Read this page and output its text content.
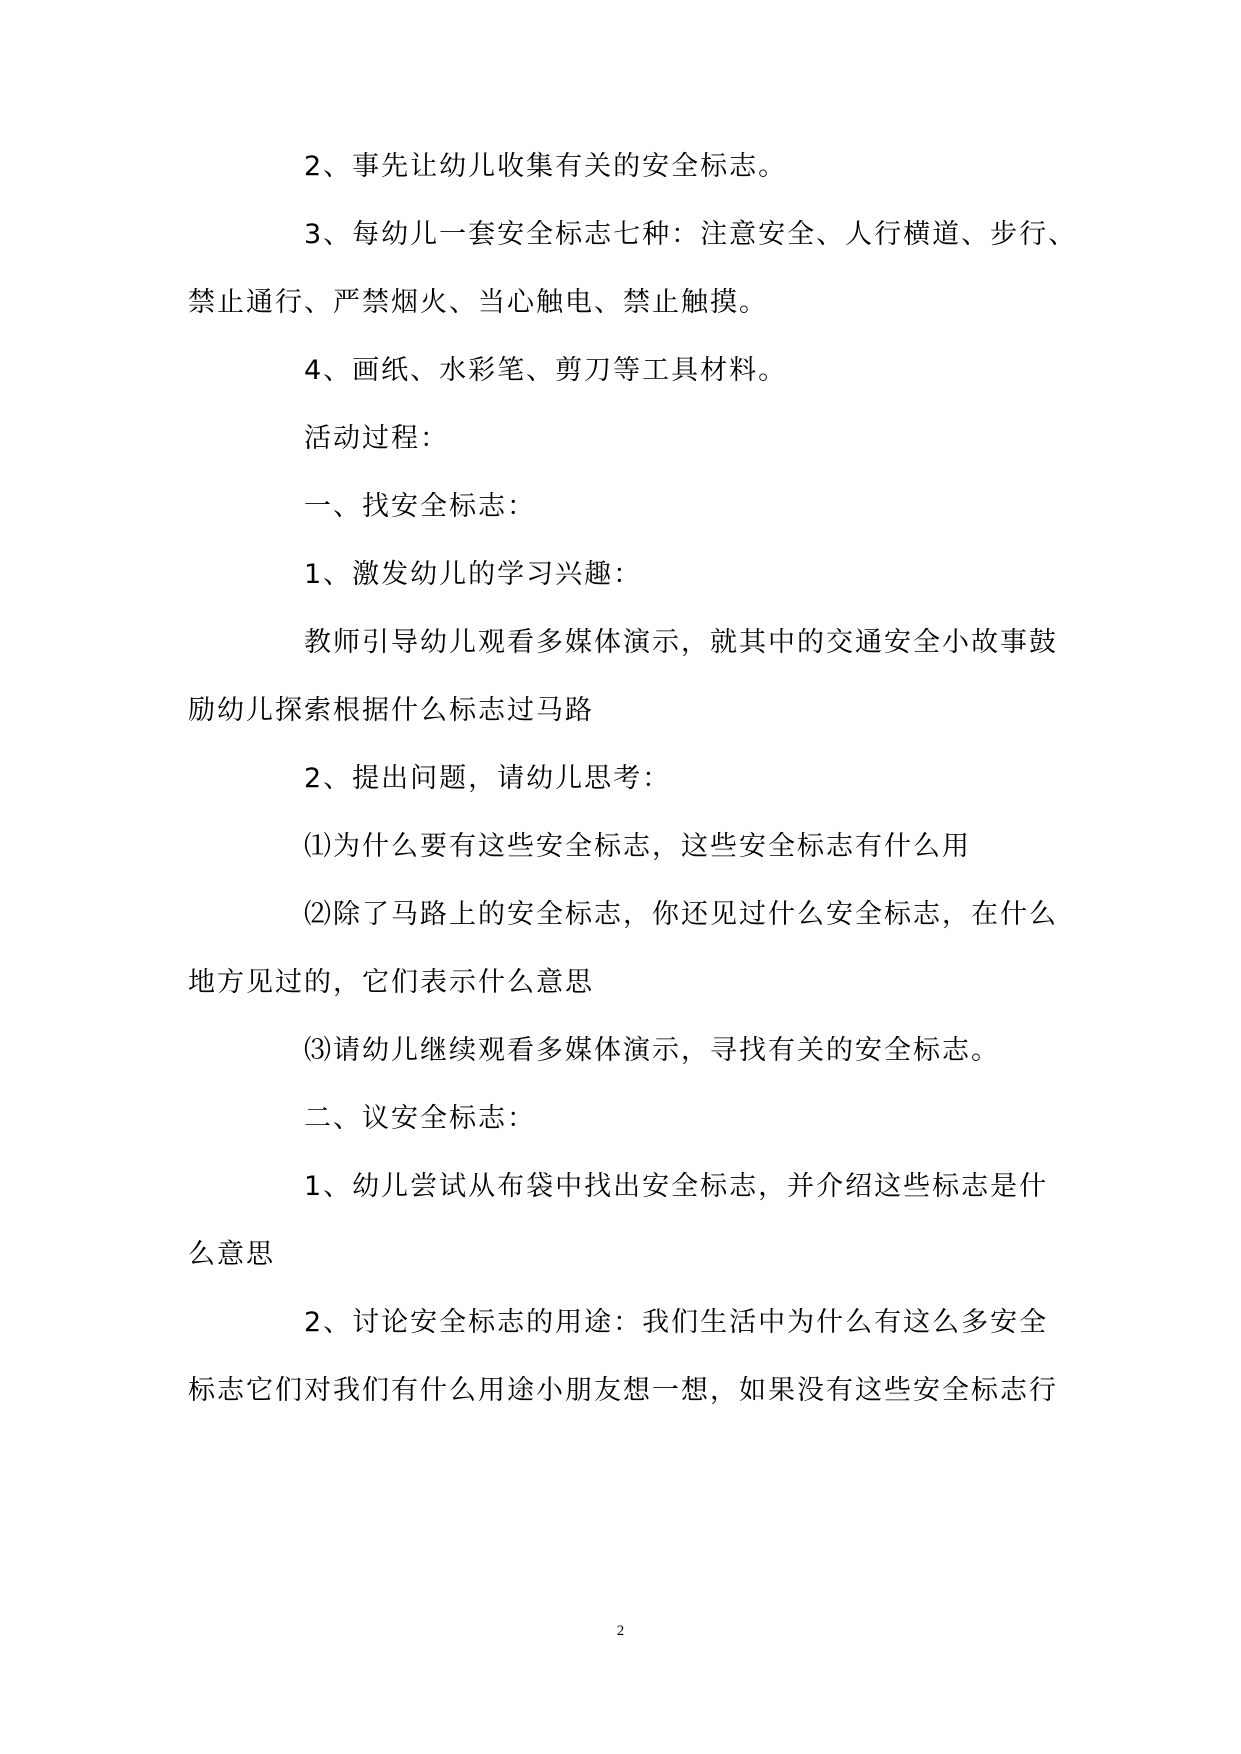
2、事先让幼儿收集有关的安全标志。
3、每幼儿一套安全标志七种：注意安全、人行横道、步行、
禁止通行、严禁烟火、当心触电、禁止触摸。
4、画纸、水彩笔、剪刀等工具材料。
活动过程：
一、找安全标志：
1、激发幼儿的学习兴趣：
教师引导幼儿观看多媒体演示，就其中的交通安全小故事鼓
励幼儿探索根据什么标志过马路
2、提出问题，请幼儿思考：
⑴为什么要有这些安全标志，这些安全标志有什么用
⑵除了马路上的安全标志，你还见过什么安全标志，在什么
地方见过的，它们表示什么意思
⑶请幼儿继续观看多媒体演示，寻找有关的安全标志。
二、议安全标志：
1、幼儿尝试从布袋中找出安全标志，并介绍这些标志是什
么意思
2、讨论安全标志的用途：我们生活中为什么有这么多安全
标志它们对我们有什么用途小朋友想一想，如果没有这些安全标志行
2
